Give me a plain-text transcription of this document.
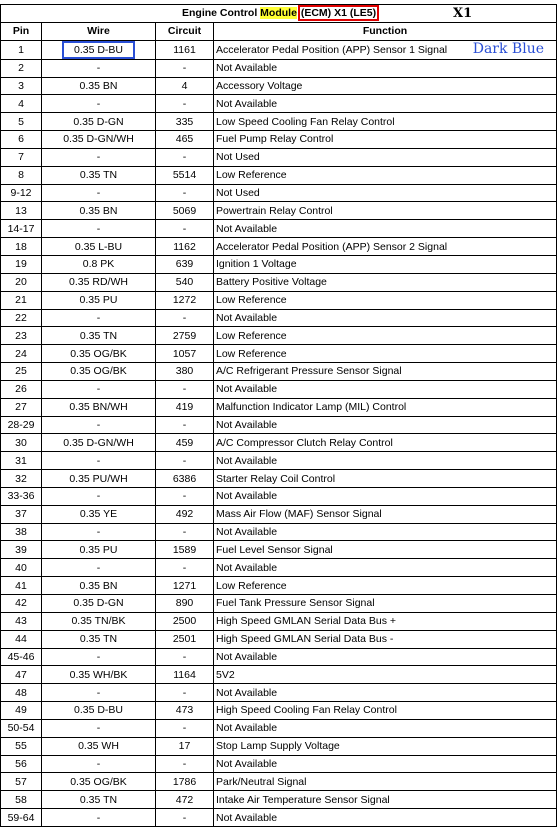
Engine Control Module (ECM) X1 (LE5) X1			

Pin	Wire	Circuit	Function
1	0.35 D-BU	1161	Accelerator Pedal Position (APP) Sensor 1 Signal Dark Blue

2	-	-	Not Available
3	0.35 BN	4	Accessory Voltage
4	-	-	Not Available
5	0.35 D-GN	335	Low Speed Cooling Fan Relay Control
6	0.35 D-GN/WH	465	Fuel Pump Relay Control
7	-	-	Not Used
8	0.35 TN	5514	Low Reference
9-12	-	-	Not Used
13	0.35 BN	5069	Powertrain Relay Control
14-17	-	-	Not Available
18	0.35 L-BU	1162	Accelerator Pedal Position (APP) Sensor 2 Signal
19	0.8 PK	639	Ignition 1 Voltage
20	0.35 RD/WH	540	Battery Positive Voltage
21	0.35 PU	1272	Low Reference
22	-	-	Not Available
23	0.35 TN	2759	Low Reference
24	0.35 OG/BK	1057	Low Reference
25	0.35 OG/BK	380	A/C Refrigerant Pressure Sensor Signal
26	-	-	Not Available
27	0.35 BN/WH	419	Malfunction Indicator Lamp (MIL) Control
28-29	-	-	Not Available
30	0.35 D-GN/WH	459	A/C Compressor Clutch Relay Control
31	-	-	Not Available
32	0.35 PU/WH	6386	Starter Relay Coil Control
33-36	-	-	Not Available
37	0.35 YE	492	Mass Air Flow (MAF) Sensor Signal
38	-	-	Not Available
39	0.35 PU	1589	Fuel Level Sensor Signal
40	-	-	Not Available
41	0.35 BN	1271	Low Reference
42	0.35 D-GN	890	Fuel Tank Pressure Sensor Signal
43	0.35 TN/BK	2500	High Speed GMLAN Serial Data Bus +
44	0.35 TN	2501	High Speed GMLAN Serial Data Bus -
45-46	-	-	Not Available
47	0.35 WH/BK	1164	5V2
48	-	-	Not Available
49	0.35 D-BU	473	High Speed Cooling Fan Relay Control
50-54	-	-	Not Available
55	0.35 WH	17	Stop Lamp Supply Voltage
56	-	-	Not Available
57	0.35 OG/BK	1786	Park/Neutral Signal
58	0.35 TN	472	Intake Air Temperature Sensor Signal
59-64	-	-	Not Available
